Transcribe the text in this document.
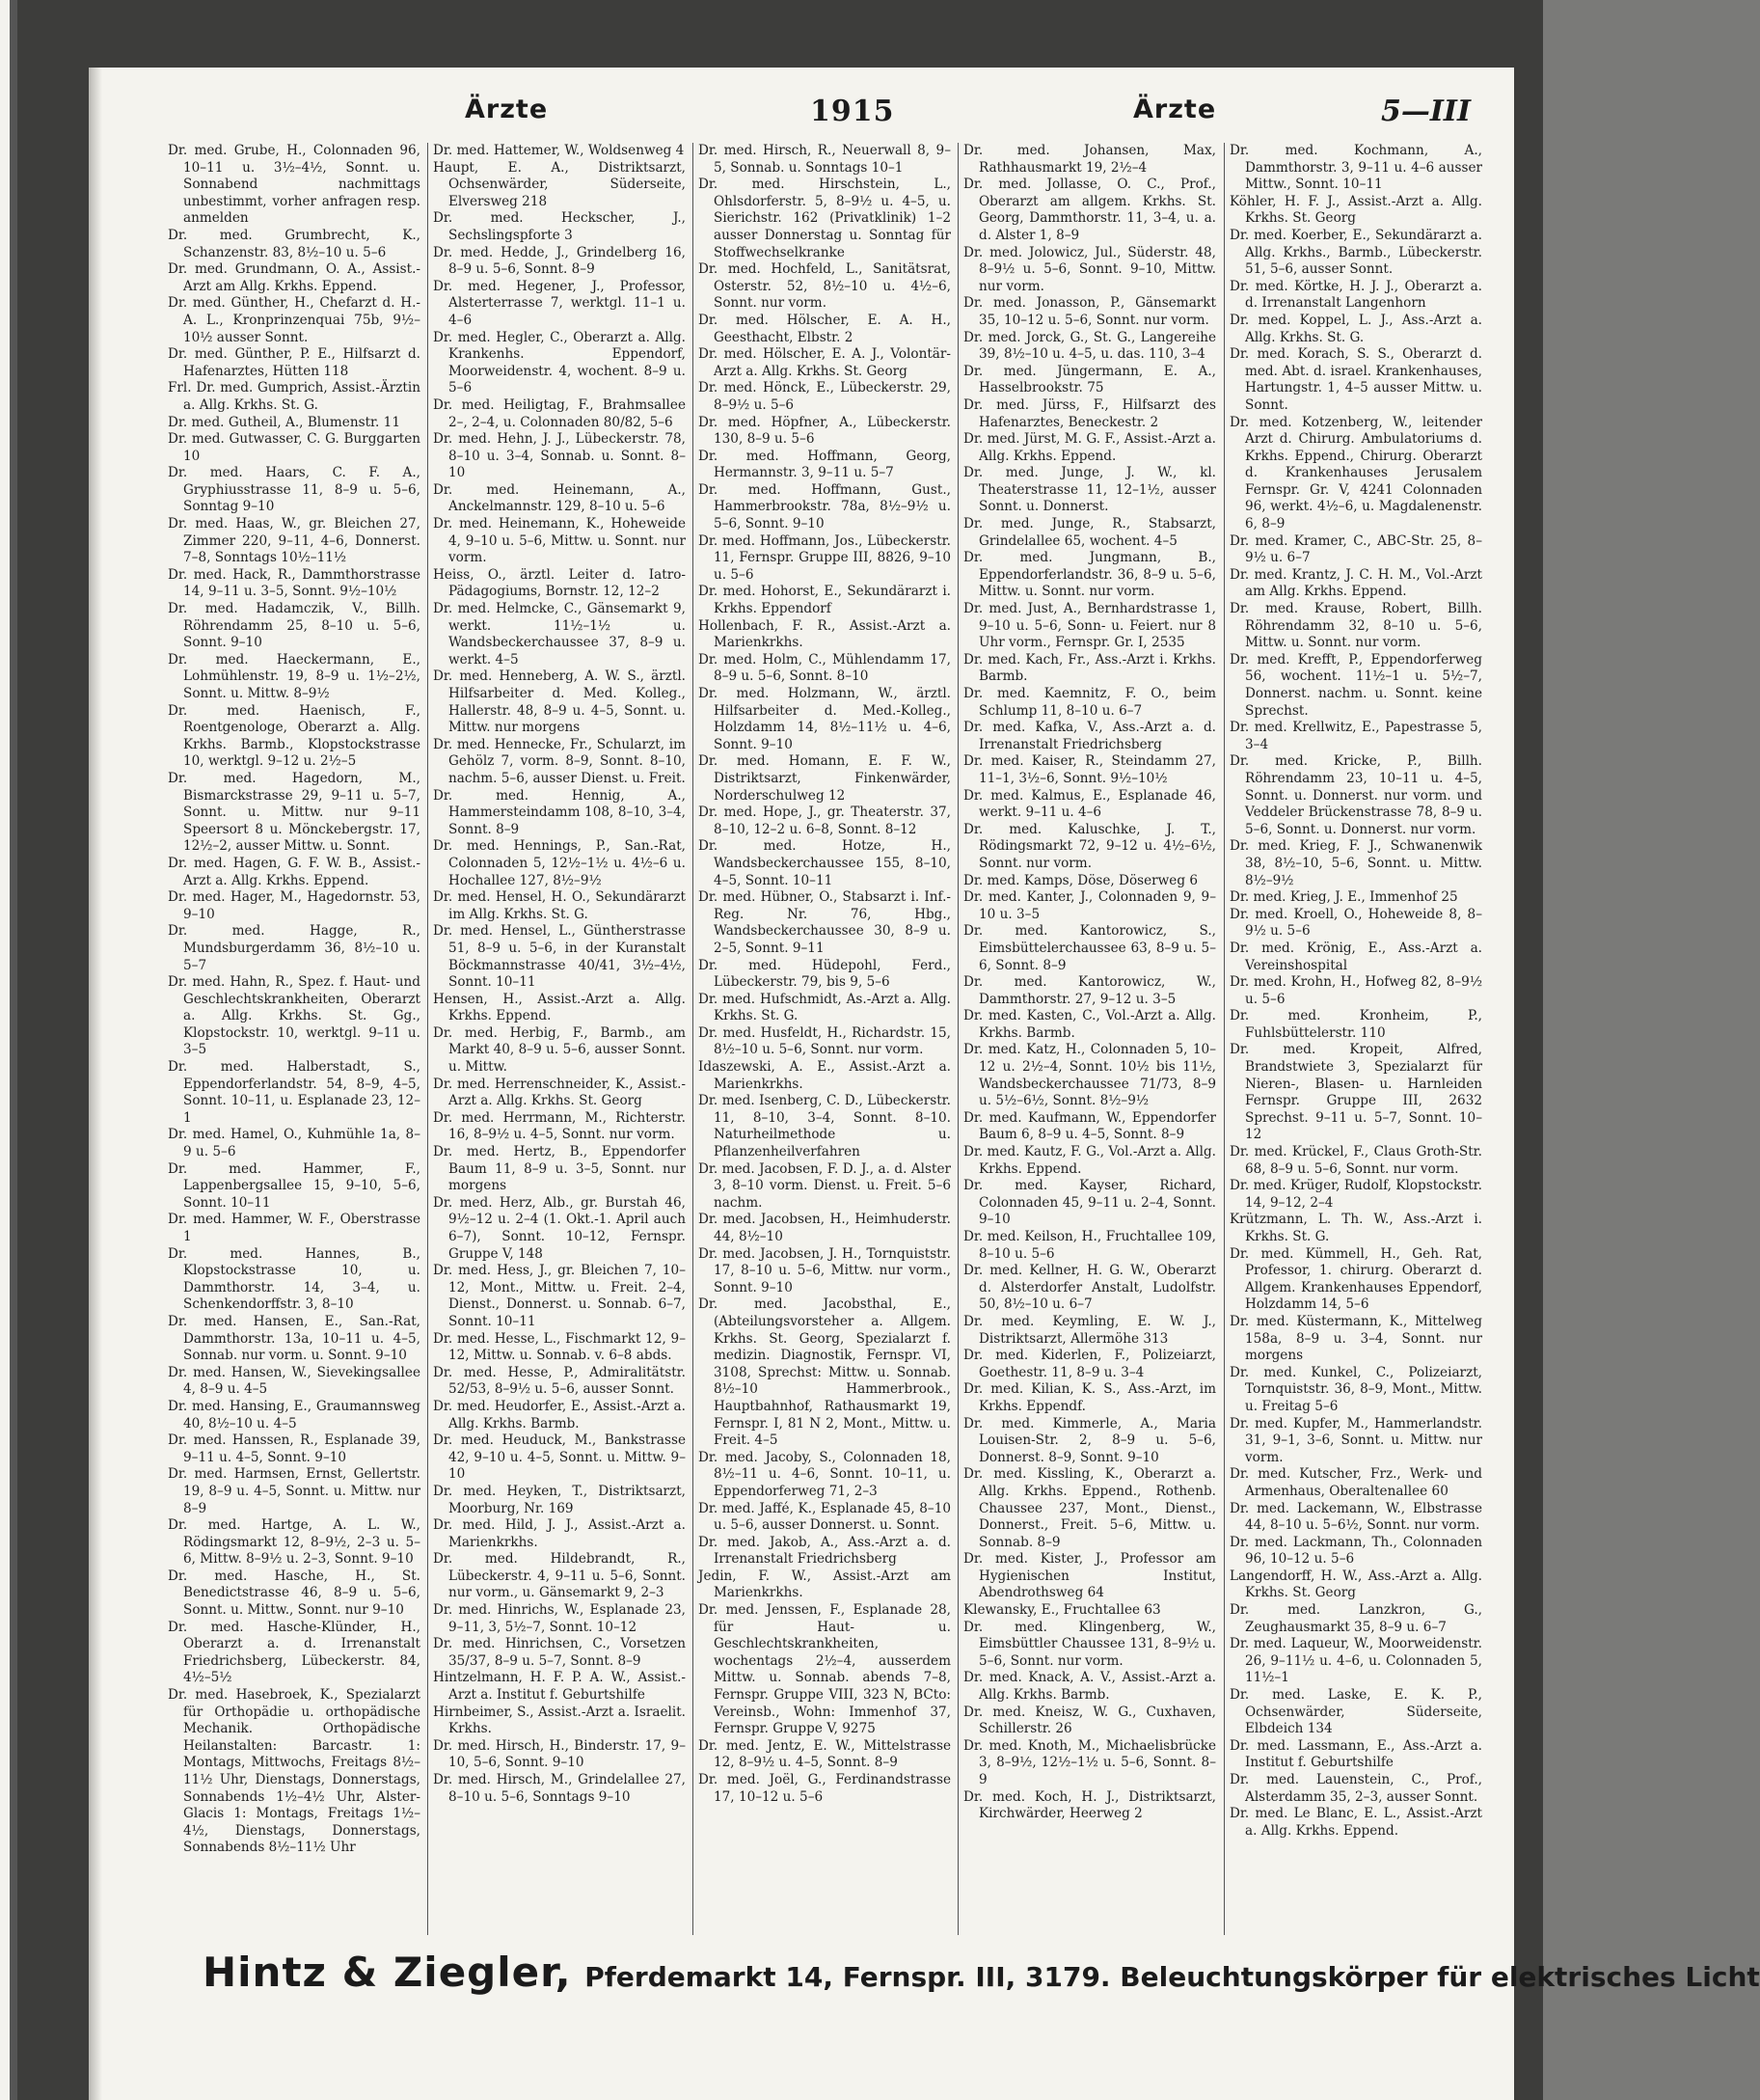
Ärzte	1915	Ärzte	5—III

Dr. med. Grube, H., Colonnaden 96, 10–11 u. 3½–4½, Sonnt. u. Sonnabend nachmittags unbestimmt, vorher anfragen resp. anmelden

Dr. med. Grumbrecht, K., Schanzenstr. 83, 8½–10 u. 5–6

Dr. med. Grundmann, O. A., Assist.-Arzt am Allg. Krkhs. Eppend.

Dr. med. Günther, H., Chefarzt d. H.-A. L., Kronprinzenquai 75b, 9½–10½ ausser Sonnt.

Dr. med. Günther, P. E., Hilfsarzt d. Hafenarztes, Hütten 118

Frl. Dr. med. Gumprich, Assist.-Ärztin a. Allg. Krkhs. St. G.

Dr. med. Gutheil, A., Blumenstr. 11

Dr. med. Gutwasser, C. G. Burggarten 10

Dr. med. Haars, C. F. A., Gryphiusstrasse 11, 8–9 u. 5–6, Sonntag 9–10

Dr. med. Haas, W., gr. Bleichen 27, Zimmer 220, 9–11, 4–6, Donnerst. 7–8, Sonntags 10½–11½

Dr. med. Hack, R., Dammthorstrasse 14, 9–11 u. 3–5, Sonnt. 9½–10½

Dr. med. Hadamczik, V., Billh. Röhrendamm 25, 8–10 u. 5–6, Sonnt. 9–10

Dr. med. Haeckermann, E., Lohmühlenstr. 19, 8–9 u. 1½–2½, Sonnt. u. Mittw. 8–9½

Dr. med. Haenisch, F., Roentgenologe, Oberarzt a. Allg. Krkhs. Barmb., Klopstockstrasse 10, werktgl. 9–12 u. 2½–5

Dr. med. Hagedorn, M., Bismarckstrasse 29, 9–11 u. 5–7, Sonnt. u. Mittw. nur 9–11 Speersort 8 u. Mönckebergstr. 17, 12½–2, ausser Mittw. u. Sonnt.

Dr. med. Hagen, G. F. W. B., Assist.-Arzt a. Allg. Krkhs. Eppend.

Dr. med. Hager, M., Hagedornstr. 53, 9–10

Dr. med. Hagge, R., Mundsburgerdamm 36, 8½–10 u. 5–7

Dr. med. Hahn, R., Spez. f. Haut- und Geschlechtskrankheiten, Oberarzt a. Allg. Krkhs. St. Gg., Klopstockstr. 10, werktgl. 9–11 u. 3–5

Dr. med. Halberstadt, S., Eppendorferlandstr. 54, 8–9, 4–5, Sonnt. 10–11, u. Esplanade 23, 12–1

Dr. med. Hamel, O., Kuhmühle 1a, 8–9 u. 5–6

Dr. med. Hammer, F., Lappenbergsallee 15, 9–10, 5–6, Sonnt. 10–11

Dr. med. Hammer, W. F., Oberstrasse 1

Dr. med. Hannes, B., Klopstockstrasse 10, u. Dammthorstr. 14, 3–4, u. Schenkendorffstr. 3, 8–10

Dr. med. Hansen, E., San.-Rat, Dammthorstr. 13a, 10–11 u. 4–5, Sonnab. nur vorm. u. Sonnt. 9–10

Dr. med. Hansen, W., Sievekingsallee 4, 8–9 u. 4–5

Dr. med. Hansing, E., Graumannsweg 40, 8½–10 u. 4–5

Dr. med. Hanssen, R., Esplanade 39, 9–11 u. 4–5, Sonnt. 9–10

Dr. med. Harmsen, Ernst, Gellertstr. 19, 8–9 u. 4–5, Sonnt. u. Mittw. nur 8–9

Dr. med. Hartge, A. L. W., Rödingsmarkt 12, 8–9½, 2–3 u. 5–6, Mittw. 8–9½ u. 2–3, Sonnt. 9–10

Dr. med. Hasche, H., St. Benedictstrasse 46, 8–9 u. 5–6, Sonnt. u. Mittw., Sonnt. nur 9–10

Dr. med. Hasche-Klünder, H., Oberarzt a. d. Irrenanstalt Friedrichsberg, Lübeckerstr. 84, 4½–5½

Dr. med. Hasebroek, K., Spezialarzt für Orthopädie u. orthopädische Mechanik. Orthopädische Heilanstalten: Barcastr. 1: Montags, Mittwochs, Freitags 8½–11½ Uhr, Dienstags, Donnerstags, Sonnabends 1½–4½ Uhr, Alster-Glacis 1: Montags, Freitags 1½–4½, Dienstags, Donnerstags, Sonnabends 8½–11½ Uhr

Dr. med. Hattemer, W., Woldsenweg 4

Haupt, E. A., Distriktsarzt, Ochsenwärder, Süderseite, Elversweg 218

Dr. med. Heckscher, J., Sechslingspforte 3

Dr. med. Hedde, J., Grindelberg 16, 8–9 u. 5–6, Sonnt. 8–9

Dr. med. Hegener, J., Professor, Alsterterrasse 7, werktgl. 11–1 u. 4–6

Dr. med. Hegler, C., Oberarzt a. Allg. Krankenhs. Eppendorf, Moorweidenstr. 4, wochent. 8–9 u. 5–6

Dr. med. Heiligtag, F., Brahmsallee 2–, 2–4, u. Colonnaden 80/82, 5–6

Dr. med. Hehn, J. J., Lübeckerstr. 78, 8–10 u. 3–4, Sonnab. u. Sonnt. 8–10

Dr. med. Heinemann, A., Anckelmannstr. 129, 8–10 u. 5–6

Dr. med. Heinemann, K., Hoheweide 4, 9–10 u. 5–6, Mittw. u. Sonnt. nur vorm.

Heiss, O., ärztl. Leiter d. Iatro-Pädagogiums, Bornstr. 12, 12–2

Dr. med. Helmcke, C., Gänsemarkt 9, werkt. 11½–1½ u. Wandsbeckerchaussee 37, 8–9 u. werkt. 4–5

Dr. med. Henneberg, A. W. S., ärztl. Hilfsarbeiter d. Med. Kolleg., Hallerstr. 48, 8–9 u. 4–5, Sonnt. u. Mittw. nur morgens

Dr. med. Hennecke, Fr., Schularzt, im Gehölz 7, vorm. 8–9, Sonnt. 8–10, nachm. 5–6, ausser Dienst. u. Freit.

Dr. med. Hennig, A., Hammersteindamm 108, 8–10, 3–4, Sonnt. 8–9

Dr. med. Hennings, P., San.-Rat, Colonnaden 5, 12½–1½ u. 4½–6 u. Hochallee 127, 8½–9½

Dr. med. Hensel, H. O., Sekundärarzt im Allg. Krkhs. St. G.

Dr. med. Hensel, L., Güntherstrasse 51, 8–9 u. 5–6, in der Kuranstalt Böckmannstrasse 40/41, 3½–4½, Sonnt. 10–11

Hensen, H., Assist.-Arzt a. Allg. Krkhs. Eppend.

Dr. med. Herbig, F., Barmb., am Markt 40, 8–9 u. 5–6, ausser Sonnt. u. Mittw.

Dr. med. Herrenschneider, K., Assist.-Arzt a. Allg. Krkhs. St. Georg

Dr. med. Herrmann, M., Richterstr. 16, 8–9½ u. 4–5, Sonnt. nur vorm.

Dr. med. Hertz, B., Eppendorfer Baum 11, 8–9 u. 3–5, Sonnt. nur morgens

Dr. med. Herz, Alb., gr. Burstah 46, 9½–12 u. 2–4 (1. Okt.-1. April auch 6–7), Sonnt. 10–12, Fernspr. Gruppe V, 148

Dr. med. Hess, J., gr. Bleichen 7, 10–12, Mont., Mittw. u. Freit. 2–4, Dienst., Donnerst. u. Sonnab. 6–7, Sonnt. 10–11

Dr. med. Hesse, L., Fischmarkt 12, 9–12, Mittw. u. Sonnab. v. 6–8 abds.

Dr. med. Hesse, P., Admiralitätstr. 52/53, 8–9½ u. 5–6, ausser Sonnt.

Dr. med. Heudorfer, E., Assist.-Arzt a. Allg. Krkhs. Barmb.

Dr. med. Heuduck, M., Bankstrasse 42, 9–10 u. 4–5, Sonnt. u. Mittw. 9–10

Dr. med. Heyken, T., Distriktsarzt, Moorburg, Nr. 169

Dr. med. Hild, J. J., Assist.-Arzt a. Marienkrkhs.

Dr. med. Hildebrandt, R., Lübeckerstr. 4, 9–11 u. 5–6, Sonnt. nur vorm., u. Gänsemarkt 9, 2–3

Dr. med. Hinrichs, W., Esplanade 23, 9–11, 3, 5½–7, Sonnt. 10–12

Dr. med. Hinrichsen, C., Vorsetzen 35/37, 8–9 u. 5–7, Sonnt. 8–9

Hintzelmann, H. F. P. A. W., Assist.-Arzt a. Institut f. Geburtshilfe

Hirnbeimer, S., Assist.-Arzt a. Israelit. Krkhs.

Dr. med. Hirsch, H., Binderstr. 17, 9–10, 5–6, Sonnt. 9–10

Dr. med. Hirsch, M., Grindelallee 27, 8–10 u. 5–6, Sonntags 9–10

Dr. med. Hirsch, R., Neuerwall 8, 9–5, Sonnab. u. Sonntags 10–1

Dr. med. Hirschstein, L., Ohlsdorferstr. 5, 8–9½ u. 4–5, u. Sierichstr. 162 (Privatklinik) 1–2 ausser Donnerstag u. Sonntag für Stoffwechselkranke

Dr. med. Hochfeld, L., Sanitätsrat, Osterstr. 52, 8½–10 u. 4½–6, Sonnt. nur vorm.

Dr. med. Hölscher, E. A. H., Geesthacht, Elbstr. 2

Dr. med. Hölscher, E. A. J., Volontär-Arzt a. Allg. Krkhs. St. Georg

Dr. med. Hönck, E., Lübeckerstr. 29, 8–9½ u. 5–6

Dr. med. Höpfner, A., Lübeckerstr. 130, 8–9 u. 5–6

Dr. med. Hoffmann, Georg, Hermannstr. 3, 9–11 u. 5–7

Dr. med. Hoffmann, Gust., Hammerbrookstr. 78a, 8½–9½ u. 5–6, Sonnt. 9–10

Dr. med. Hoffmann, Jos., Lübeckerstr. 11, Fernspr. Gruppe III, 8826, 9–10 u. 5–6

Dr. med. Hohorst, E., Sekundärarzt i. Krkhs. Eppendorf

Hollenbach, F. R., Assist.-Arzt a. Marienkrkhs.

Dr. med. Holm, C., Mühlendamm 17, 8–9 u. 5–6, Sonnt. 8–10

Dr. med. Holzmann, W., ärztl. Hilfsarbeiter d. Med.-Kolleg., Holzdamm 14, 8½–11½ u. 4–6, Sonnt. 9–10

Dr. med. Homann, E. F. W., Distriktsarzt, Finkenwärder, Norderschulweg 12

Dr. med. Hope, J., gr. Theaterstr. 37, 8–10, 12–2 u. 6–8, Sonnt. 8–12

Dr. med. Hotze, H., Wandsbeckerchaussee 155, 8–10, 4–5, Sonnt. 10–11

Dr. med. Hübner, O., Stabsarzt i. Inf.-Reg. Nr. 76, Hbg., Wandsbeckerchaussee 30, 8–9 u. 2–5, Sonnt. 9–11

Dr. med. Hüdepohl, Ferd., Lübeckerstr. 79, bis 9, 5–6

Dr. med. Hufschmidt, As.-Arzt a. Allg. Krkhs. St. G.

Dr. med. Husfeldt, H., Richardstr. 15, 8½–10 u. 5–6, Sonnt. nur vorm.

Idaszewski, A. E., Assist.-Arzt a. Marienkrkhs.

Dr. med. Isenberg, C. D., Lübeckerstr. 11, 8–10, 3–4, Sonnt. 8–10. Naturheilmethode u. Pflanzenheilverfahren

Dr. med. Jacobsen, F. D. J., a. d. Alster 3, 8–10 vorm. Dienst. u. Freit. 5–6 nachm.

Dr. med. Jacobsen, H., Heimhuderstr. 44, 8½–10

Dr. med. Jacobsen, J. H., Tornquiststr. 17, 8–10 u. 5–6, Mittw. nur vorm., Sonnt. 9–10

Dr. med. Jacobsthal, E., (Abteilungsvorsteher a. Allgem. Krkhs. St. Georg, Spezialarzt f. medizin. Diagnostik, Fernspr. VI, 3108, Sprechst: Mittw. u. Sonnab. 8½–10 Hammerbrook., Hauptbahnhof, Rathausmarkt 19, Fernspr. I, 81 N 2, Mont., Mittw. u. Freit. 4–5

Dr. med. Jacoby, S., Colonnaden 18, 8½–11 u. 4–6, Sonnt. 10–11, u. Eppendorferweg 71, 2–3

Dr. med. Jaffé, K., Esplanade 45, 8–10 u. 5–6, ausser Donnerst. u. Sonnt.

Dr. med. Jakob, A., Ass.-Arzt a. d. Irrenanstalt Friedrichsberg

Jedin, F. W., Assist.-Arzt am Marienkrkhs.

Dr. med. Jenssen, F., Esplanade 28, für Haut- u. Geschlechtskrankheiten, wochentags 2½–4, ausserdem Mittw. u. Sonnab. abends 7–8, Fernspr. Gruppe VIII, 323 N, BCto: Vereinsb., Wohn: Immenhof 37, Fernspr. Gruppe V, 9275

Dr. med. Jentz, E. W., Mittelstrasse 12, 8–9½ u. 4–5, Sonnt. 8–9

Dr. med. Joël, G., Ferdinandstrasse 17, 10–12 u. 5–6

Dr. med. Johansen, Max, Rathhausmarkt 19, 2½–4

Dr. med. Jollasse, O. C., Prof., Oberarzt am allgem. Krkhs. St. Georg, Dammthorstr. 11, 3–4, u. a. d. Alster 1, 8–9

Dr. med. Jolowicz, Jul., Süderstr. 48, 8–9½ u. 5–6, Sonnt. 9–10, Mittw. nur vorm.

Dr. med. Jonasson, P., Gänsemarkt 35, 10–12 u. 5–6, Sonnt. nur vorm.

Dr. med. Jorck, G., St. G., Langereihe 39, 8½–10 u. 4–5, u. das. 110, 3–4

Dr. med. Jüngermann, E. A., Hasselbrookstr. 75

Dr. med. Jürss, F., Hilfsarzt des Hafenarztes, Beneckestr. 2

Dr. med. Jürst, M. G. F., Assist.-Arzt a. Allg. Krkhs. Eppend.

Dr. med. Junge, J. W., kl. Theaterstrasse 11, 12–1½, ausser Sonnt. u. Donnerst.

Dr. med. Junge, R., Stabsarzt, Grindelallee 65, wochent. 4–5

Dr. med. Jungmann, B., Eppendorferlandstr. 36, 8–9 u. 5–6, Mittw. u. Sonnt. nur vorm.

Dr. med. Just, A., Bernhardstrasse 1, 9–10 u. 5–6, Sonn- u. Feiert. nur 8 Uhr vorm., Fernspr. Gr. I, 2535

Dr. med. Kach, Fr., Ass.-Arzt i. Krkhs. Barmb.

Dr. med. Kaemnitz, F. O., beim Schlump 11, 8–10 u. 6–7

Dr. med. Kafka, V., Ass.-Arzt a. d. Irrenanstalt Friedrichsberg

Dr. med. Kaiser, R., Steindamm 27, 11–1, 3½–6, Sonnt. 9½–10½

Dr. med. Kalmus, E., Esplanade 46, werkt. 9–11 u. 4–6

Dr. med. Kaluschke, J. T., Rödingsmarkt 72, 9–12 u. 4½–6½, Sonnt. nur vorm.

Dr. med. Kamps, Döse, Döserweg 6

Dr. med. Kanter, J., Colonnaden 9, 9–10 u. 3–5

Dr. med. Kantorowicz, S., Eimsbüttelerchaussee 63, 8–9 u. 5–6, Sonnt. 8–9

Dr. med. Kantorowicz, W., Dammthorstr. 27, 9–12 u. 3–5

Dr. med. Kasten, C., Vol.-Arzt a. Allg. Krkhs. Barmb.

Dr. med. Katz, H., Colonnaden 5, 10–12 u. 2½–4, Sonnt. 10½ bis 11½, Wandsbeckerchaussee 71/73, 8–9 u. 5½–6½, Sonnt. 8½–9½

Dr. med. Kaufmann, W., Eppendorfer Baum 6, 8–9 u. 4–5, Sonnt. 8–9

Dr. med. Kautz, F. G., Vol.-Arzt a. Allg. Krkhs. Eppend.

Dr. med. Kayser, Richard, Colonnaden 45, 9–11 u. 2–4, Sonnt. 9–10

Dr. med. Keilson, H., Fruchtallee 109, 8–10 u. 5–6

Dr. med. Kellner, H. G. W., Oberarzt d. Alsterdorfer Anstalt, Ludolfstr. 50, 8½–10 u. 6–7

Dr. med. Keymling, E. W. J., Distriktsarzt, Allermöhe 313

Dr. med. Kiderlen, F., Polizeiarzt, Goethestr. 11, 8–9 u. 3–4

Dr. med. Kilian, K. S., Ass.-Arzt, im Krkhs. Eppendf.

Dr. med. Kimmerle, A., Maria Louisen-Str. 2, 8–9 u. 5–6, Donnerst. 8–9, Sonnt. 9–10

Dr. med. Kissling, K., Oberarzt a. Allg. Krkhs. Eppend., Rothenb. Chaussee 237, Mont., Dienst., Donnerst., Freit. 5–6, Mittw. u. Sonnab. 8–9

Dr. med. Kister, J., Professor am Hygienischen Institut, Abendrothsweg 64

Klewansky, E., Fruchtallee 63

Dr. med. Klingenberg, W., Eimsbüttler Chaussee 131, 8–9½ u. 5–6, Sonnt. nur vorm.

Dr. med. Knack, A. V., Assist.-Arzt a. Allg. Krkhs. Barmb.

Dr. med. Kneisz, W. G., Cuxhaven, Schillerstr. 26

Dr. med. Knoth, M., Michaelisbrücke 3, 8–9½, 12½–1½ u. 5–6, Sonnt. 8–9

Dr. med. Koch, H. J., Distriktsarzt, Kirchwärder, Heerweg 2

Dr. med. Kochmann, A., Dammthorstr. 3, 9–11 u. 4–6 ausser Mittw., Sonnt. 10–11

Köhler, H. F. J., Assist.-Arzt a. Allg. Krkhs. St. Georg

Dr. med. Koerber, E., Sekundärarzt a. Allg. Krkhs., Barmb., Lübeckerstr. 51, 5–6, ausser Sonnt.

Dr. med. Körtke, H. J. J., Oberarzt a. d. Irrenanstalt Langenhorn

Dr. med. Koppel, L. J., Ass.-Arzt a. Allg. Krkhs. St. G.

Dr. med. Korach, S. S., Oberarzt d. med. Abt. d. israel. Krankenhauses, Hartungstr. 1, 4–5 ausser Mittw. u. Sonnt.

Dr. med. Kotzenberg, W., leitender Arzt d. Chirurg. Ambulatoriums d. Krkhs. Eppend., Chirurg. Oberarzt d. Krankenhauses Jerusalem Fernspr. Gr. V, 4241 Colonnaden 96, werkt. 4½–6, u. Magdalenenstr. 6, 8–9

Dr. med. Kramer, C., ABC-Str. 25, 8–9½ u. 6–7

Dr. med. Krantz, J. C. H. M., Vol.-Arzt am Allg. Krkhs. Eppend.

Dr. med. Krause, Robert, Billh. Röhrendamm 32, 8–10 u. 5–6, Mittw. u. Sonnt. nur vorm.

Dr. med. Krefft, P., Eppendorferweg 56, wochent. 11½–1 u. 5½–7, Donnerst. nachm. u. Sonnt. keine Sprechst.

Dr. med. Krellwitz, E., Papestrasse 5, 3–4

Dr. med. Kricke, P., Billh. Röhrendamm 23, 10–11 u. 4–5, Sonnt. u. Donnerst. nur vorm. und Veddeler Brückenstrasse 78, 8–9 u. 5–6, Sonnt. u. Donnerst. nur vorm.

Dr. med. Krieg, F. J., Schwanenwik 38, 8½–10, 5–6, Sonnt. u. Mittw. 8½–9½

Dr. med. Krieg, J. E., Immenhof 25

Dr. med. Kroell, O., Hoheweide 8, 8–9½ u. 5–6

Dr. med. Krönig, E., Ass.-Arzt a. Vereinshospital

Dr. med. Krohn, H., Hofweg 82, 8–9½ u. 5–6

Dr. med. Kronheim, P., Fuhlsbüttelerstr. 110

Dr. med. Kropeit, Alfred, Brandstwiete 3, Spezialarzt für Nieren-, Blasen- u. Harnleiden Fernspr. Gruppe III, 2632 Sprechst. 9–11 u. 5–7, Sonnt. 10–12

Dr. med. Krückel, F., Claus Groth-Str. 68, 8–9 u. 5–6, Sonnt. nur vorm.

Dr. med. Krüger, Rudolf, Klopstockstr. 14, 9–12, 2–4

Krützmann, L. Th. W., Ass.-Arzt i. Krkhs. St. G.

Dr. med. Kümmell, H., Geh. Rat, Professor, 1. chirurg. Oberarzt d. Allgem. Krankenhauses Eppendorf, Holzdamm 14, 5–6

Dr. med. Küstermann, K., Mittelweg 158a, 8–9 u. 3–4, Sonnt. nur morgens

Dr. med. Kunkel, C., Polizeiarzt, Tornquiststr. 36, 8–9, Mont., Mittw. u. Freitag 5–6

Dr. med. Kupfer, M., Hammerlandstr. 31, 9–1, 3–6, Sonnt. u. Mittw. nur vorm.

Dr. med. Kutscher, Frz., Werk- und Armenhaus, Oberaltenallee 60

Dr. med. Lackemann, W., Elbstrasse 44, 8–10 u. 5–6½, Sonnt. nur vorm.

Dr. med. Lackmann, Th., Colonnaden 96, 10–12 u. 5–6

Langendorff, H. W., Ass.-Arzt a. Allg. Krkhs. St. Georg

Dr. med. Lanzkron, G., Zeughausmarkt 35, 8–9 u. 6–7

Dr. med. Laqueur, W., Moorweidenstr. 26, 9–11½ u. 4–6, u. Colonnaden 5, 11½–1

Dr. med. Laske, E. K. P., Ochsenwärder, Süderseite, Elbdeich 134

Dr. med. Lassmann, E., Ass.-Arzt a. Institut f. Geburtshilfe

Dr. med. Lauenstein, C., Prof., Alsterdamm 35, 2–3, ausser Sonnt.

Dr. med. Le Blanc, E. L., Assist.-Arzt a. Allg. Krkhs. Eppend.

Hintz & Ziegler, Pferdemarkt 14, Fernspr. III, 3179. Beleuchtungskörper für elektrisches Licht
